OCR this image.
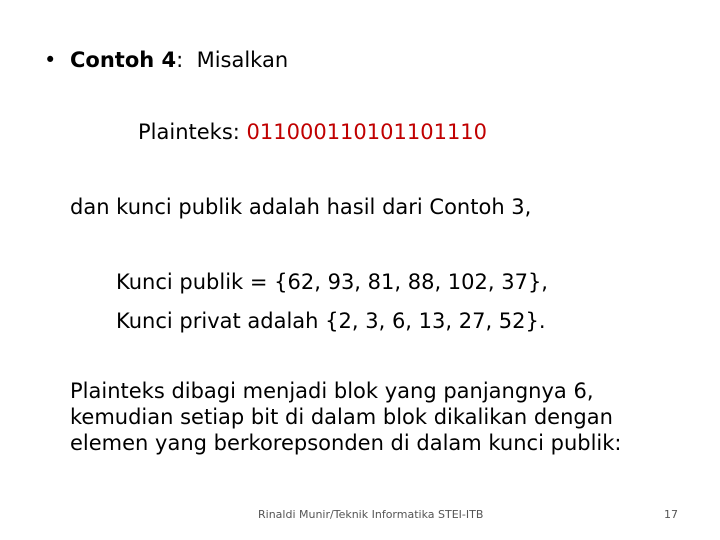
• Contoh 4: Misalkan
Plainteks: 011000110101101110
dan kunci publik adalah hasil dari Contoh 3,
Kunci publik = {62, 93, 81, 88, 102, 37},
Kunci privat adalah {2, 3, 6, 13, 27, 52}.
Plainteks dibagi menjadi blok yang panjangnya 6,
kemudian setiap bit di dalam blok dikalikan dengan
elemen yang berkorepsonden di dalam kunci publik:
Rinaldi Munir/Teknik Informatika STEI-ITB	17
